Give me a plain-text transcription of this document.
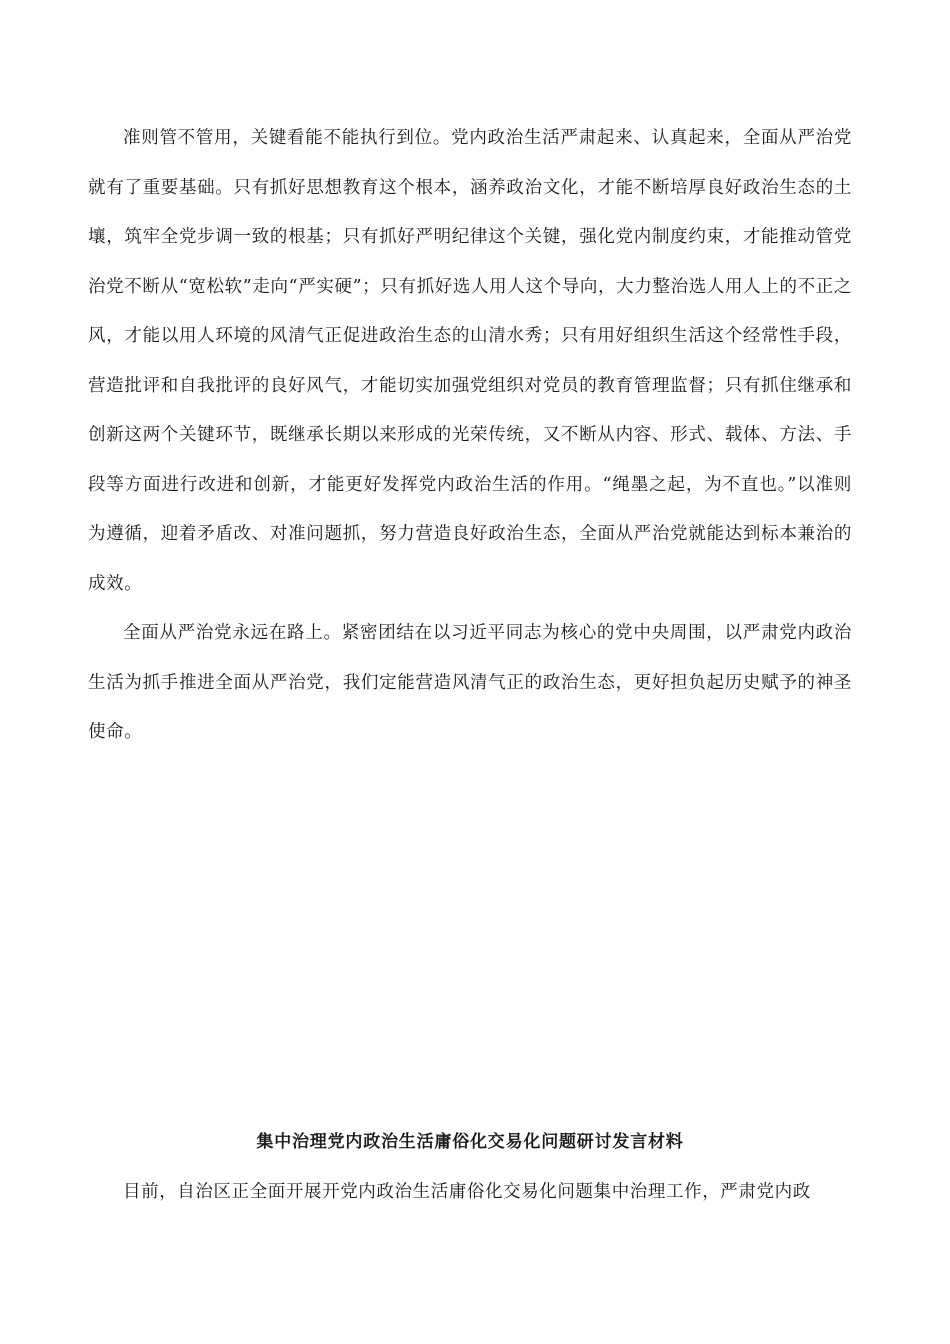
准则管不管用，关键看能不能执行到位。党内政治生活严肃起来、认真起来，全面从严治党就有了重要基础。只有抓好思想教育这个根本，涵养政治文化，才能不断培厚良好政治生态的土壤，筑牢全党步调一致的根基；只有抓好严明纪律这个关键，强化党内制度约束，才能推动管党治党不断从“宽松软”走向“严实硬”；只有抓好选人用人这个导向，大力整治选人用人上的不正之风，才能以用人环境的风清气正促进政治生态的山清水秀；只有用好组织生活这个经常性手段，营造批评和自我批评的良好风气，才能切实加强党组织对党员的教育管理监督；只有抓住继承和创新这两个关键环节，既继承长期以来形成的光荣传统，又不断从内容、形式、载体、方法、手段等方面进行改进和创新，才能更好发挥党内政治生活的作用。“绳墨之起，为不直也。”以准则为遵循，迎着矛盾改、对准问题抓，努力营造良好政治生态，全面从严治党就能达到标本兼治的成效。

全面从严治党永远在路上。紧密团结在以习近平同志为核心的党中央周围，以严肃党内政治生活为抓手推进全面从严治党，我们定能营造风清气正的政治生态，更好担负起历史赋予的神圣使命。

集中治理党内政治生活庸俗化交易化问题研讨发言材料

目前，自治区正全面开展开党内政治生活庸俗化交易化问题集中治理工作，严肃党内政
